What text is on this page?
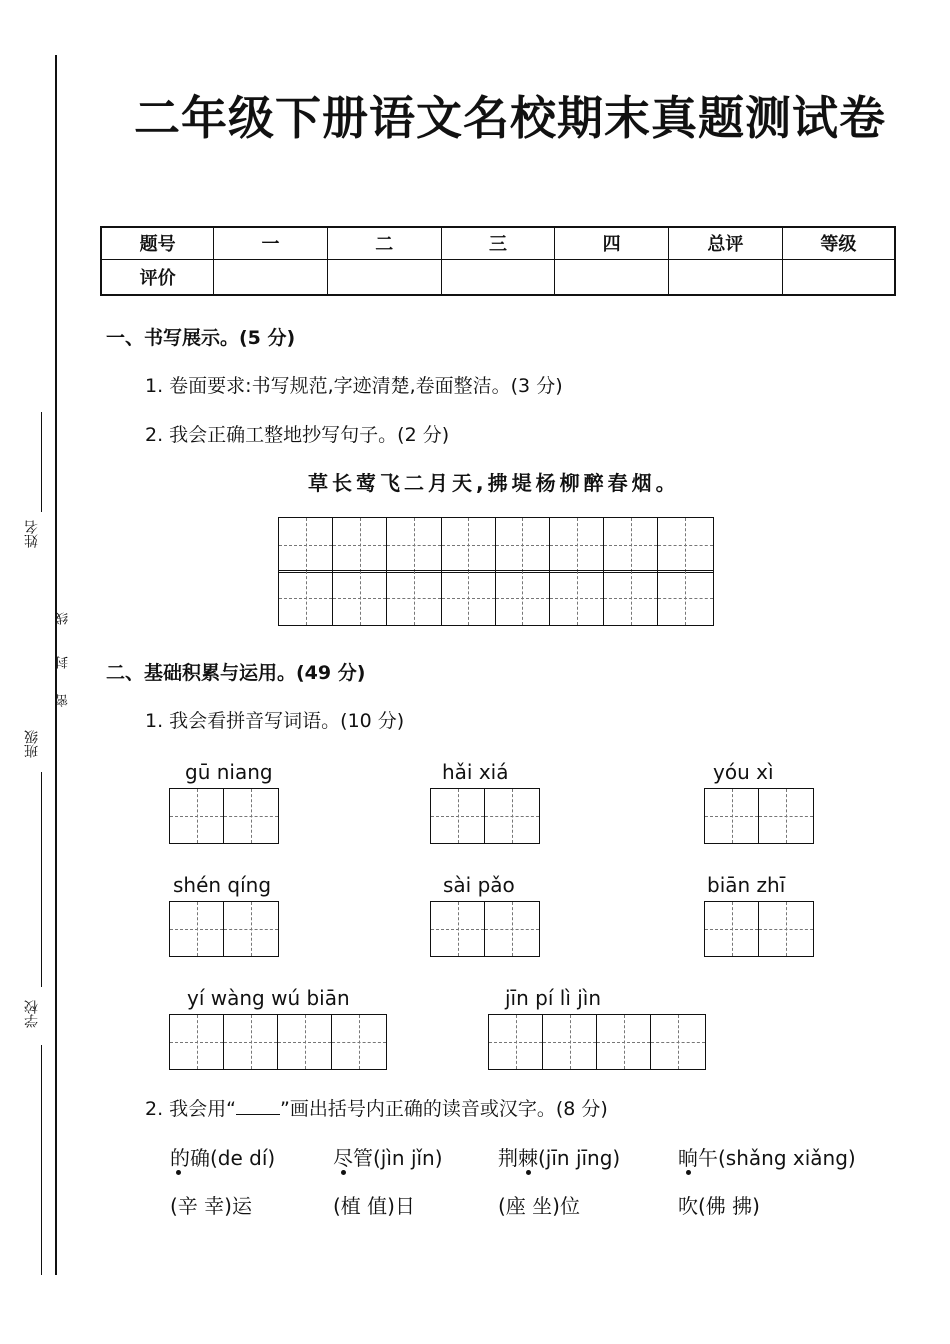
姓名
班级
学校
线
封
密
二年级下册语文名校期末真题测试卷
题号	一	二	三	四	总评	等级
评价						
一、书写展示。(5 分)
1. 卷面要求:书写规范,字迹清楚,卷面整洁。(3 分)
2. 我会正确工整地抄写句子。(2 分)
草长莺飞二月天,拂堤杨柳醉春烟。
二、基础积累与运用。(49 分)
1. 我会看拼音写词语。(10 分)
gū niang	hǎi xiá	yóu xì
shén qíng	sài pǎo	biān zhī
yí wàng wú biān	jīn pí lì jìn
2. 我会用“ ”画出括号内正确的读音或汉字。(8 分)
的确(de dí)	尽管(jìn jǐn)	荆棘(jīn jīng)	晌午(shǎng xiǎng)
(辛 幸)运	(植 值)日	(座 坐)位	吹(佛 拂)
